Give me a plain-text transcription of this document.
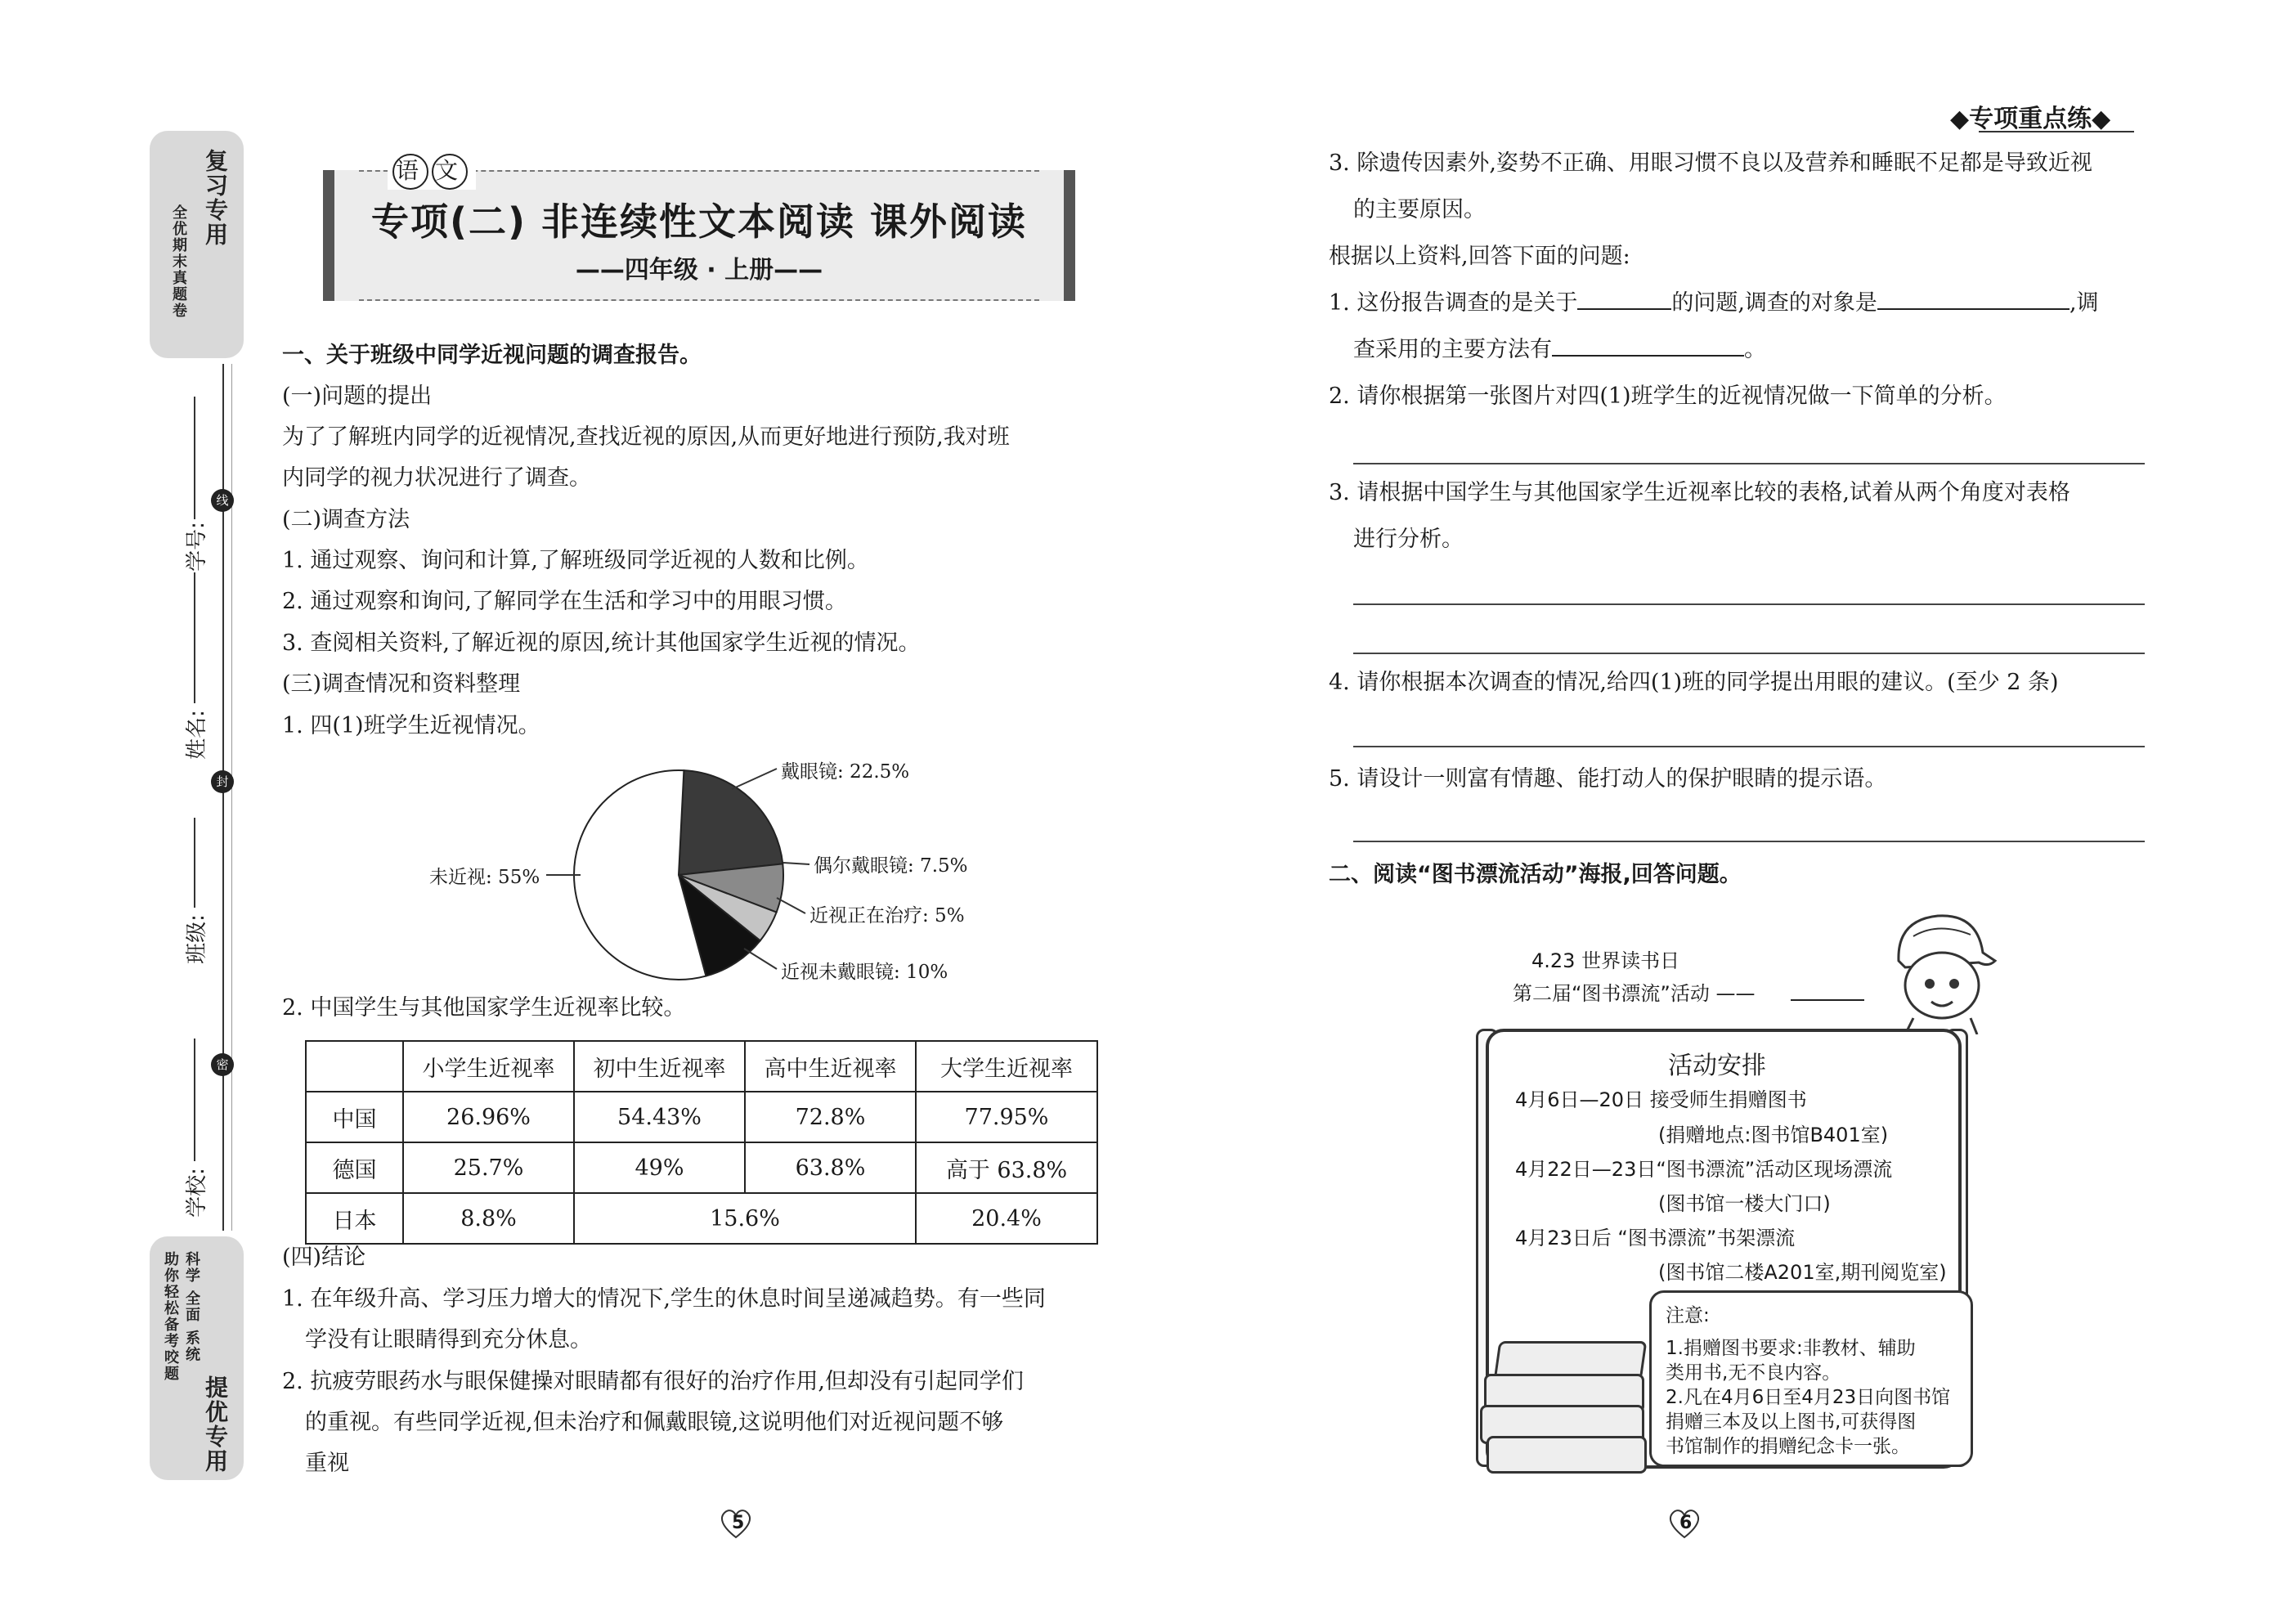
复习专用
全优期末真题卷
线
封
密
学号:
姓名:
班级:
学校:
提优专用
科学 全面 系统
助你轻松备考咬题
语 文
专项(二) 非连续性文本阅读 课外阅读
——四年级 · 上册——
一、关于班级中同学近视问题的调查报告。
(一)问题的提出
为了了解班内同学的近视情况,查找近视的原因,从而更好地进行预防,我对班
内同学的视力状况进行了调查。
(二)调查方法
1. 通过观察、询问和计算,了解班级同学近视的人数和比例。
2. 通过观察和询问,了解同学在生活和学习中的用眼习惯。
3. 查阅相关资料,了解近视的原因,统计其他国家学生近视的情况。
(三)调查情况和资料整理
1. 四(1)班学生近视情况。
戴眼镜: 22.5%
偶尔戴眼镜: 7.5%
近视正在治疗: 5%
近视未戴眼镜: 10%
未近视: 55%
2. 中国学生与其他国家学生近视率比较。
	小学生近视率	初中生近视率	高中生近视率	大学生近视率
中国	26.96%	54.43%	72.8%	77.95%
德国	25.7%	49%	63.8%	高于 63.8%
日本	8.8%	15.6%		20.4%
(四)结论
1. 在年级升高、学习压力增大的情况下,学生的休息时间呈递减趋势。有一些同
学没有让眼睛得到充分休息。
2. 抗疲劳眼药水与眼保健操对眼睛都有很好的治疗作用,但却没有引起同学们
的重视。有些同学近视,但未治疗和佩戴眼镜,这说明他们对近视问题不够
重视
5
◆专项重点练◆
3. 除遗传因素外,姿势不正确、用眼习惯不良以及营养和睡眠不足都是导致近视
的主要原因。
根据以上资料,回答下面的问题:
1. 这份报告调查的是关于	的问题,调查的对象是	,调
查采用的主要方法有	。
2. 请你根据第一张图片对四(1)班学生的近视情况做一下简单的分析。
3. 请根据中国学生与其他国家学生近视率比较的表格,试着从两个角度对表格
进行分析。
4. 请你根据本次调查的情况,给四(1)班的同学提出用眼的建议。(至少 2 条)
5. 请设计一则富有情趣、能打动人的保护眼睛的提示语。
二、阅读“图书漂流活动”海报,回答问题。
4.23 世界读书日
第二届“图书漂流”活动 ——
活动安排
4月6日—20日 接受师生捐赠图书
(捐赠地点:图书馆B401室)
4月22日—23日“图书漂流”活动区现场漂流
(图书馆一楼大门口)
4月23日后 “图书漂流”书架漂流
(图书馆二楼A201室,期刊阅览室)
注意:
1.捐赠图书要求:非教材、辅助
类用书,无不良内容。
2.凡在4月6日至4月23日向图书馆
捐赠三本及以上图书,可获得图
书馆制作的捐赠纪念卡一张。
6
